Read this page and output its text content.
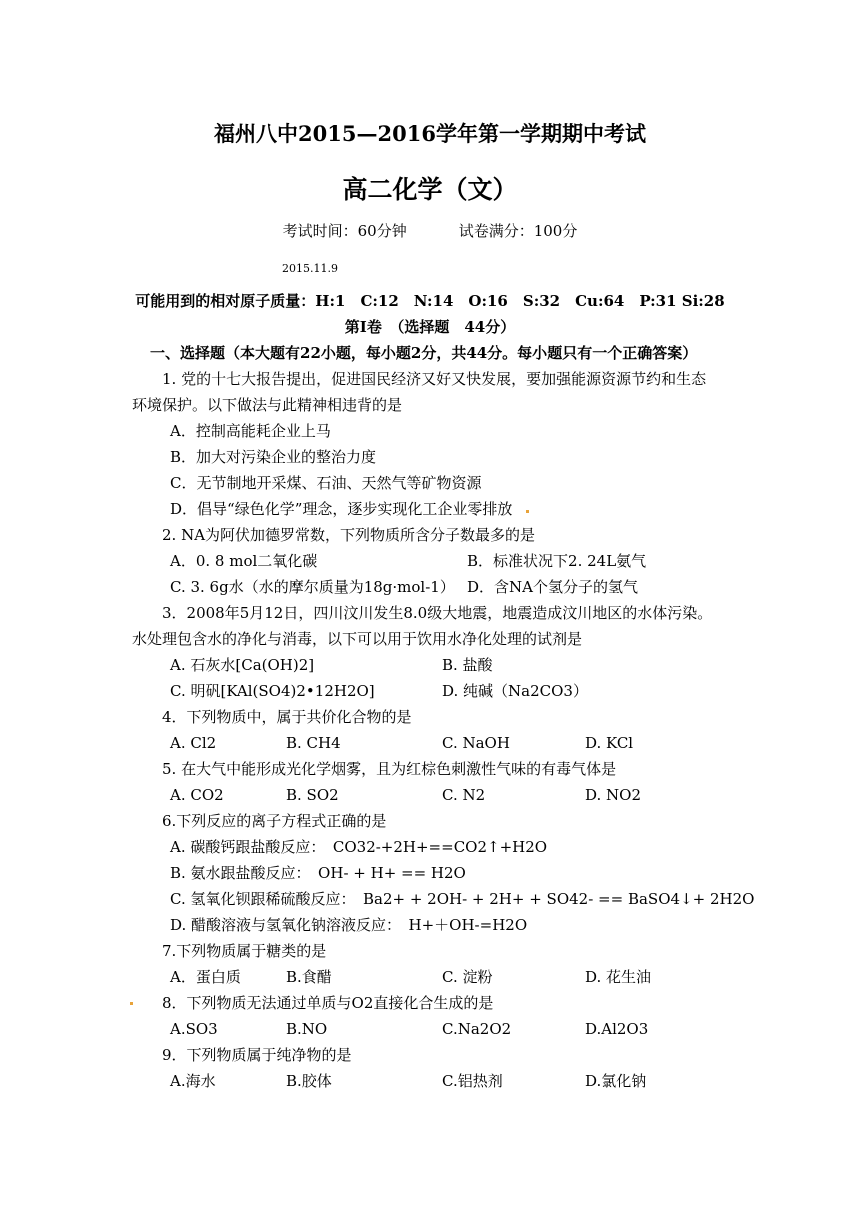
福州八中2015—2016学年第一学期期中考试
高二化学（文）
考试时间：60分钟	试卷满分：100分
2015.11.9
可能用到的相对原子质量：H:1　C:12　N:14　O:16　S:32　Cu:64　P:31 Si:28
第I卷　（选择题　44分）
一、选择题（本大题有22小题，每小题2分，共44分。每小题只有一个正确答案）
1. 党的十七大报告提出，促进国民经济又好又快发展，要加强能源资源节约和生态
环境保护。以下做法与此精神相违背的是
A．控制高能耗企业上马
B．加大对污染企业的整治力度
C．无节制地开采煤、石油、天然气等矿物资源
D．倡导“绿色化学”理念，逐步实现化工企业零排放
2. NA为阿伏加德罗常数，下列物质所含分子数最多的是
A．0. 8 mol二氧化碳	B．标准状况下2. 24L氨气
C. 3. 6g水（水的摩尔质量为18g·mol-1） D．含NA个氢分子的氢气
3．2008年5月12日，四川汶川发生8.0级大地震，地震造成汶川地区的水体污染。
水处理包含水的净化与消毒，以下可以用于饮用水净化处理的试剂是
A. 石灰水[Ca(OH)2]	B. 盐酸
C. 明矾[KAl(SO4)2•12H2O]	D. 纯碱（Na2CO3）
4．下列物质中，属于共价化合物的是
A. Cl2	B. CH4	C. NaOH	D. KCl
5. 在大气中能形成光化学烟雾，且为红棕色刺激性气味的有毒气体是
A. CO2	B. SO2	C. N2	D. NO2
6.下列反应的离子方程式正确的是
A. 碳酸钙跟盐酸反应：　CO32-+2H+==CO2↑+H2O
B. 氨水跟盐酸反应：　OH- + H+ == H2O
C. 氢氧化钡跟稀硫酸反应：　Ba2+ + 2OH- + 2H+ + SO42- == BaSO4↓+ 2H2O
D. 醋酸溶液与氢氧化钠溶液反应：　H+＋OH-=H2O
7.下列物质属于糖类的是
A．蛋白质	B.食醋	C. 淀粉	D. 花生油
8．下列物质无法通过单质与O2直接化合生成的是
A.SO3	B.NO	C.Na2O2	D.Al2O3
9．下列物质属于纯净物的是
A.海水	B.胶体	C.铝热剂	D.氯化钠
